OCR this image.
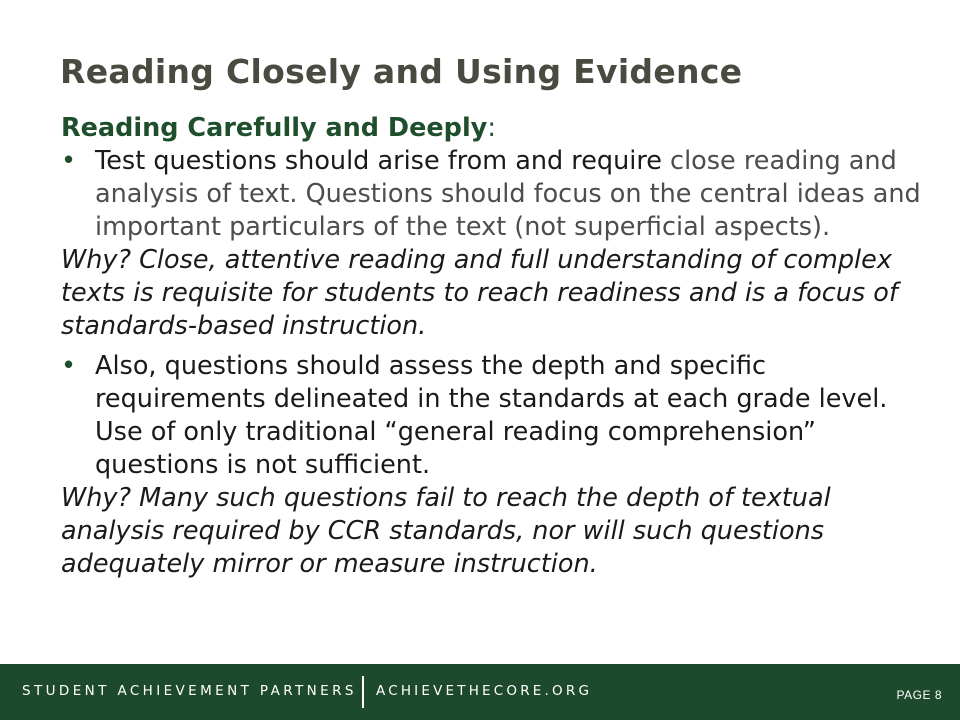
Reading Closely and Using Evidence
Reading Carefully and Deeply:

• Test questions should arise from and require close reading and analysis of text. Questions should focus on the central ideas and important particulars of the text (not superficial aspects).

Why? Close, attentive reading and full understanding of complex texts is requisite for students to reach readiness and is a focus of standards-based instruction.

• Also, questions should assess the depth and specific requirements delineated in the standards at each grade level. Use of only traditional “general reading comprehension” questions is not sufficient.

Why? Many such questions fail to reach the depth of textual analysis required by CCR standards, nor will such questions adequately mirror or measure instruction.

STUDENT ACHIEVEMENT PARTNERS ACHIEVETHECORE.ORG	PAGE 8
